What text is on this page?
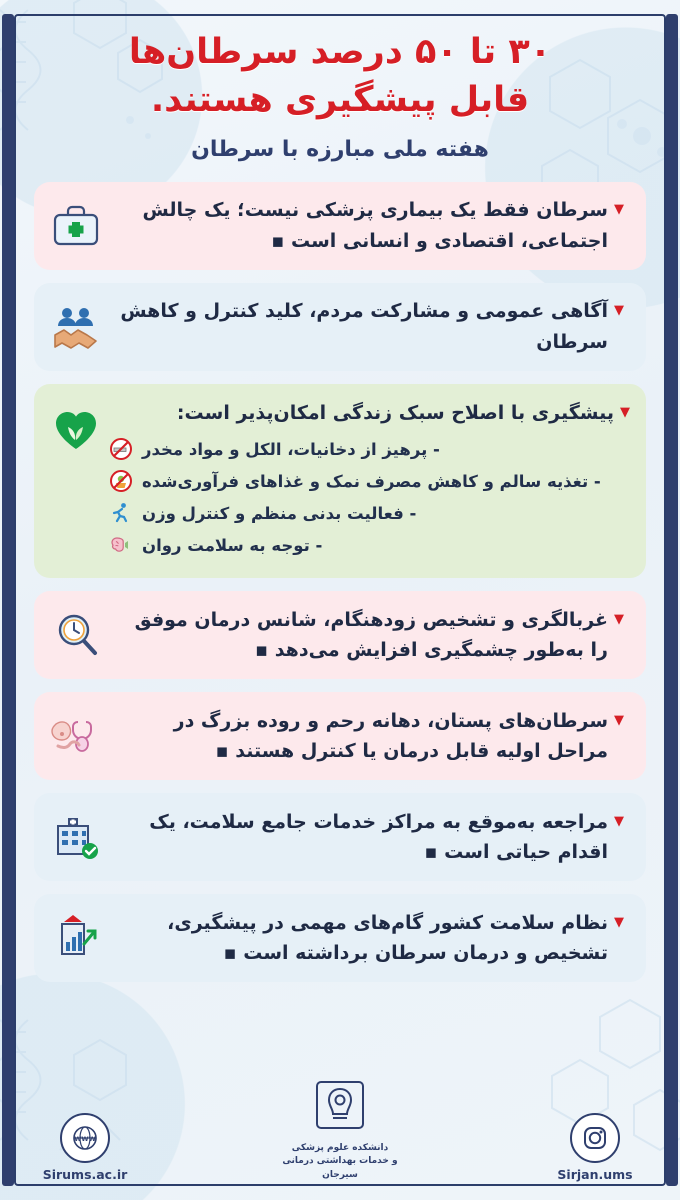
۳۰ تا ۵۰ درصد سرطان‌ها
قابل پیشگیری هستند.
هفته ملی مبارزه با سرطان
▼
سرطان فقط یک بیماری پزشکی نیست؛ یک چالش اجتماعی، اقتصادی و انسانی است ▪
▼
آگاهی عمومی و مشارکت مردم، کلید کنترل و کاهش سرطان
▼
پیشگیری با اصلاح سبک زندگی امکان‌پذیر است:
- پرهیز از دخانیات، الکل و مواد مخدر
- تغذیه سالم و کاهش مصرف نمک و غذاهای فرآوری‌شده
- فعالیت بدنی منظم و کنترل وزن
- توجه به سلامت روان
▼
غربالگری و تشخیص زودهنگام، شانس درمان موفق را به‌طور چشمگیری افزایش می‌دهد ▪
▼
سرطان‌های پستان، دهانه رحم و روده بزرگ در مراحل اولیه قابل درمان یا کنترل هستند ▪
▼
مراجعه به‌موقع به مراکز خدمات جامع سلامت، یک اقدام حیاتی است ▪
▼
نظام سلامت کشور گام‌های مهمی در پیشگیری، تشخیص و درمان سرطان برداشته است ▪
WWW
Sirums.ac.ir
دانشکده علوم پزشکی
و خدمات بهداشتی درمانی سیرجان	Sirjan.ums
